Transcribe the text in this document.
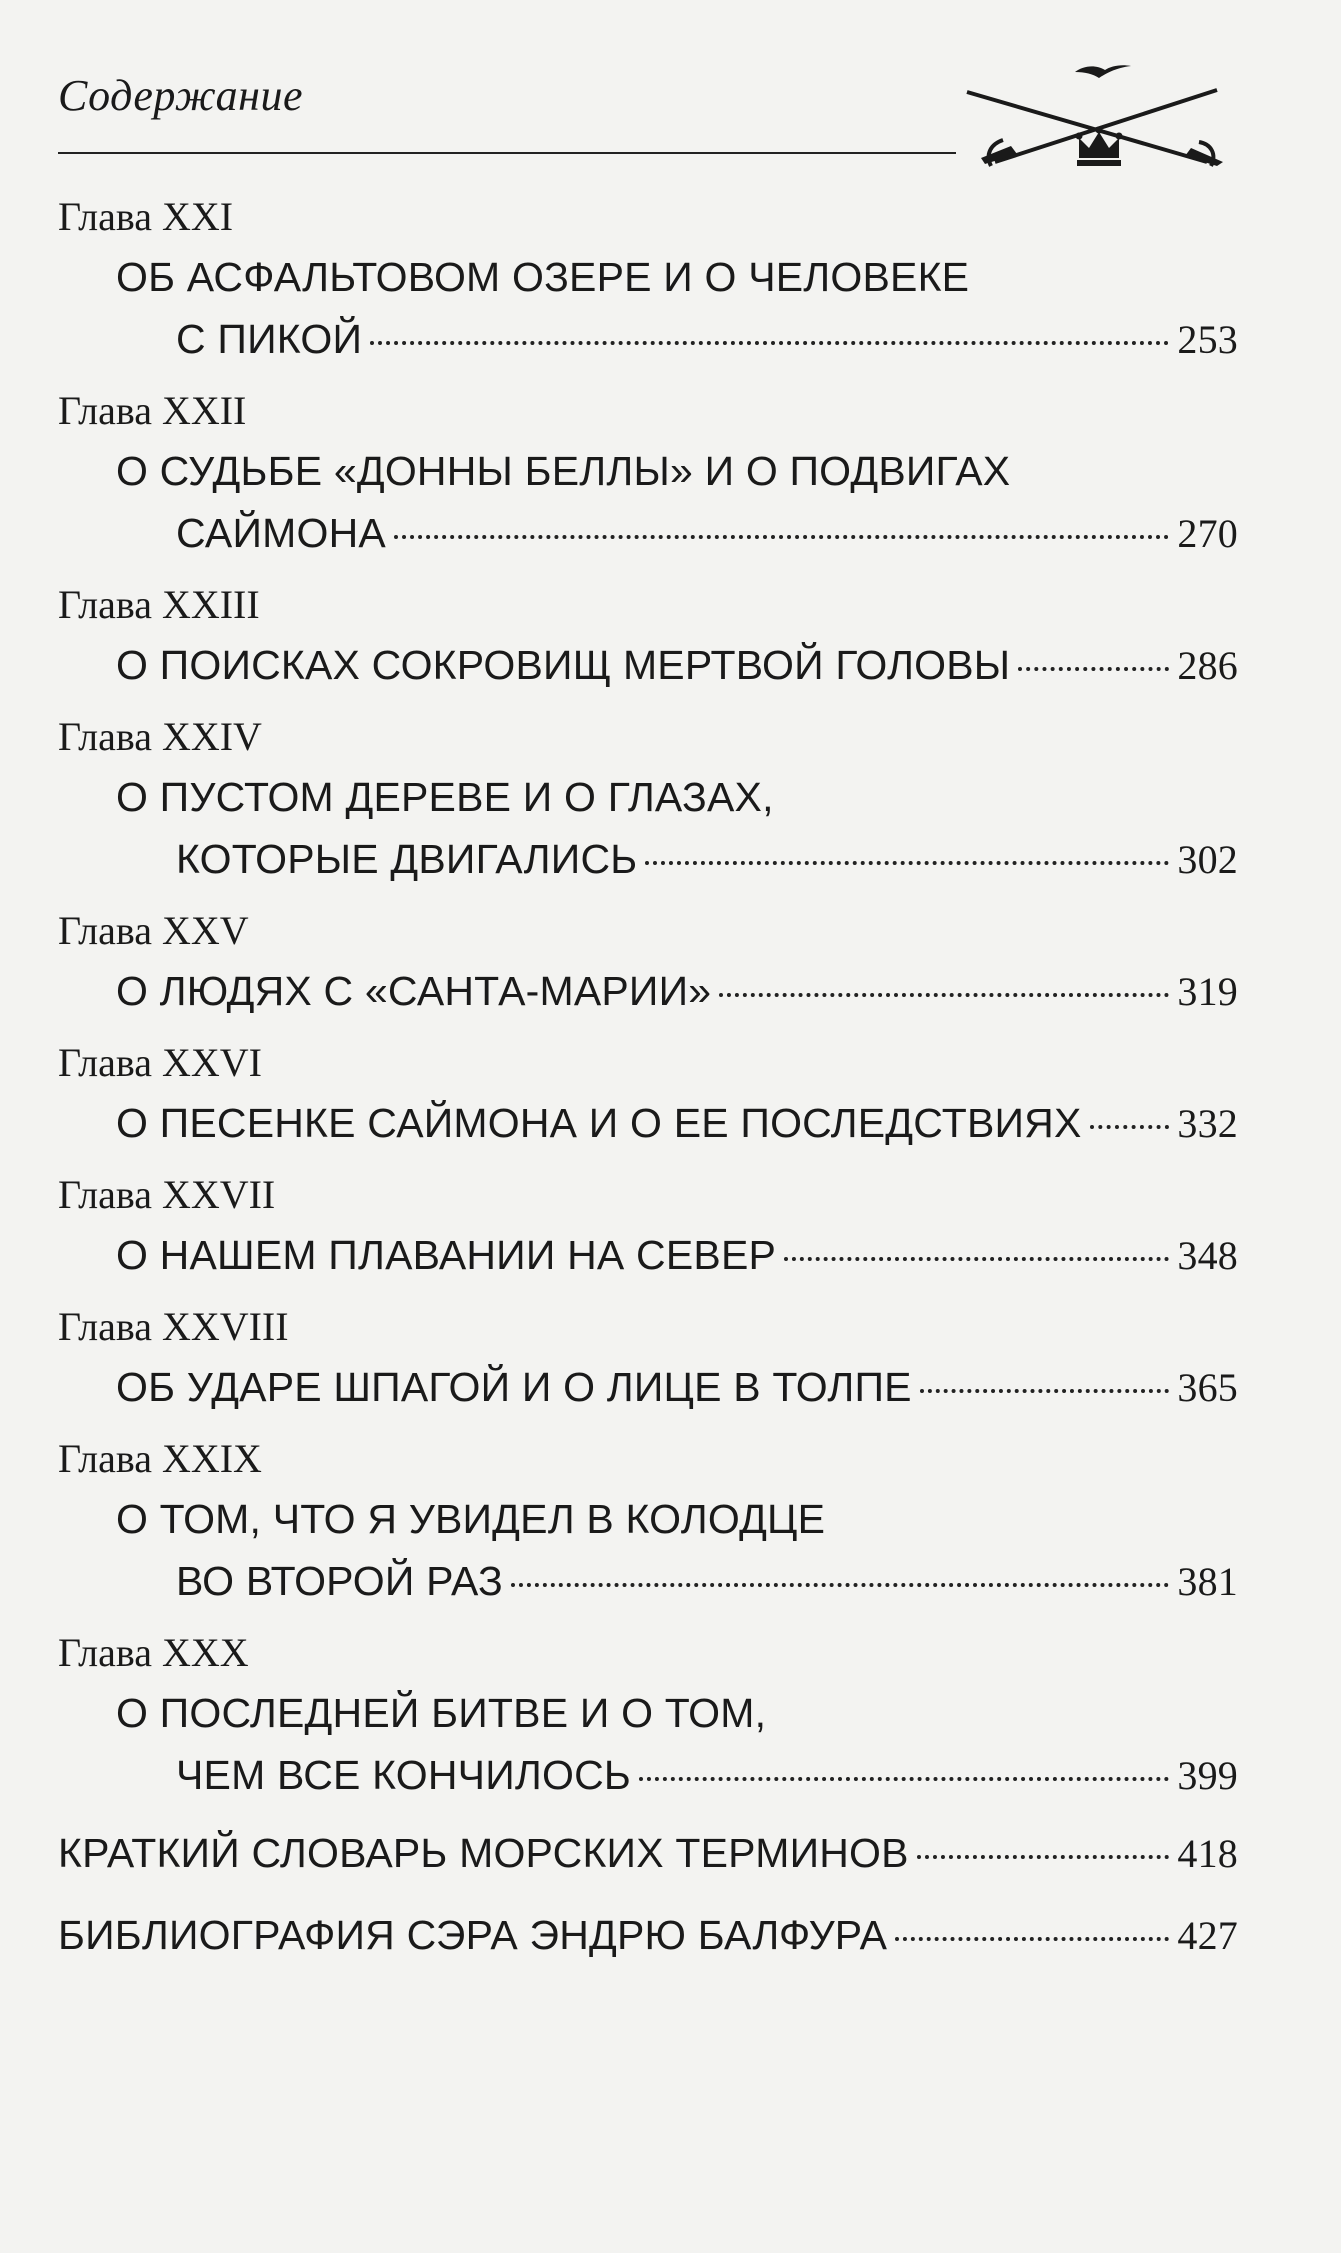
Содержание
Глава XXI
ОБ АСФАЛЬТОВОМ ОЗЕРЕ И О ЧЕЛОВЕКЕ
С ПИКОЙ	253
Глава XXII
О СУДЬБЕ «ДОННЫ БЕЛЛЫ» И О ПОДВИГАХ
САЙМОНА	270
Глава XXIII
О ПОИСКАХ СОКРОВИЩ МЕРТВОЙ ГОЛОВЫ	286
Глава XXIV
О ПУСТОМ ДЕРЕВЕ И О ГЛАЗАХ,
КОТОРЫЕ ДВИГАЛИСЬ	302
Глава XXV
О ЛЮДЯХ С «САНТА-МАРИИ»	319
Глава XXVI
О ПЕСЕНКЕ САЙМОНА И О ЕЕ ПОСЛЕДСТВИЯХ 332
Глава XXVII
О НАШЕМ ПЛАВАНИИ НА СЕВЕР	348
Глава XXVIII
ОБ УДАРЕ ШПАГОЙ И О ЛИЦЕ В ТОЛПЕ	365
Глава XXIX
О ТОМ, ЧТО Я УВИДЕЛ В КОЛОДЦЕ
ВО ВТОРОЙ РАЗ	381
Глава XXX
О ПОСЛЕДНЕЙ БИТВЕ И О ТОМ,
ЧЕМ ВСЕ КОНЧИЛОСЬ	399
КРАТКИЙ СЛОВАРЬ МОРСКИХ ТЕРМИНОВ	418
БИБЛИОГРАФИЯ СЭРА ЭНДРЮ БАЛФУРА	427
